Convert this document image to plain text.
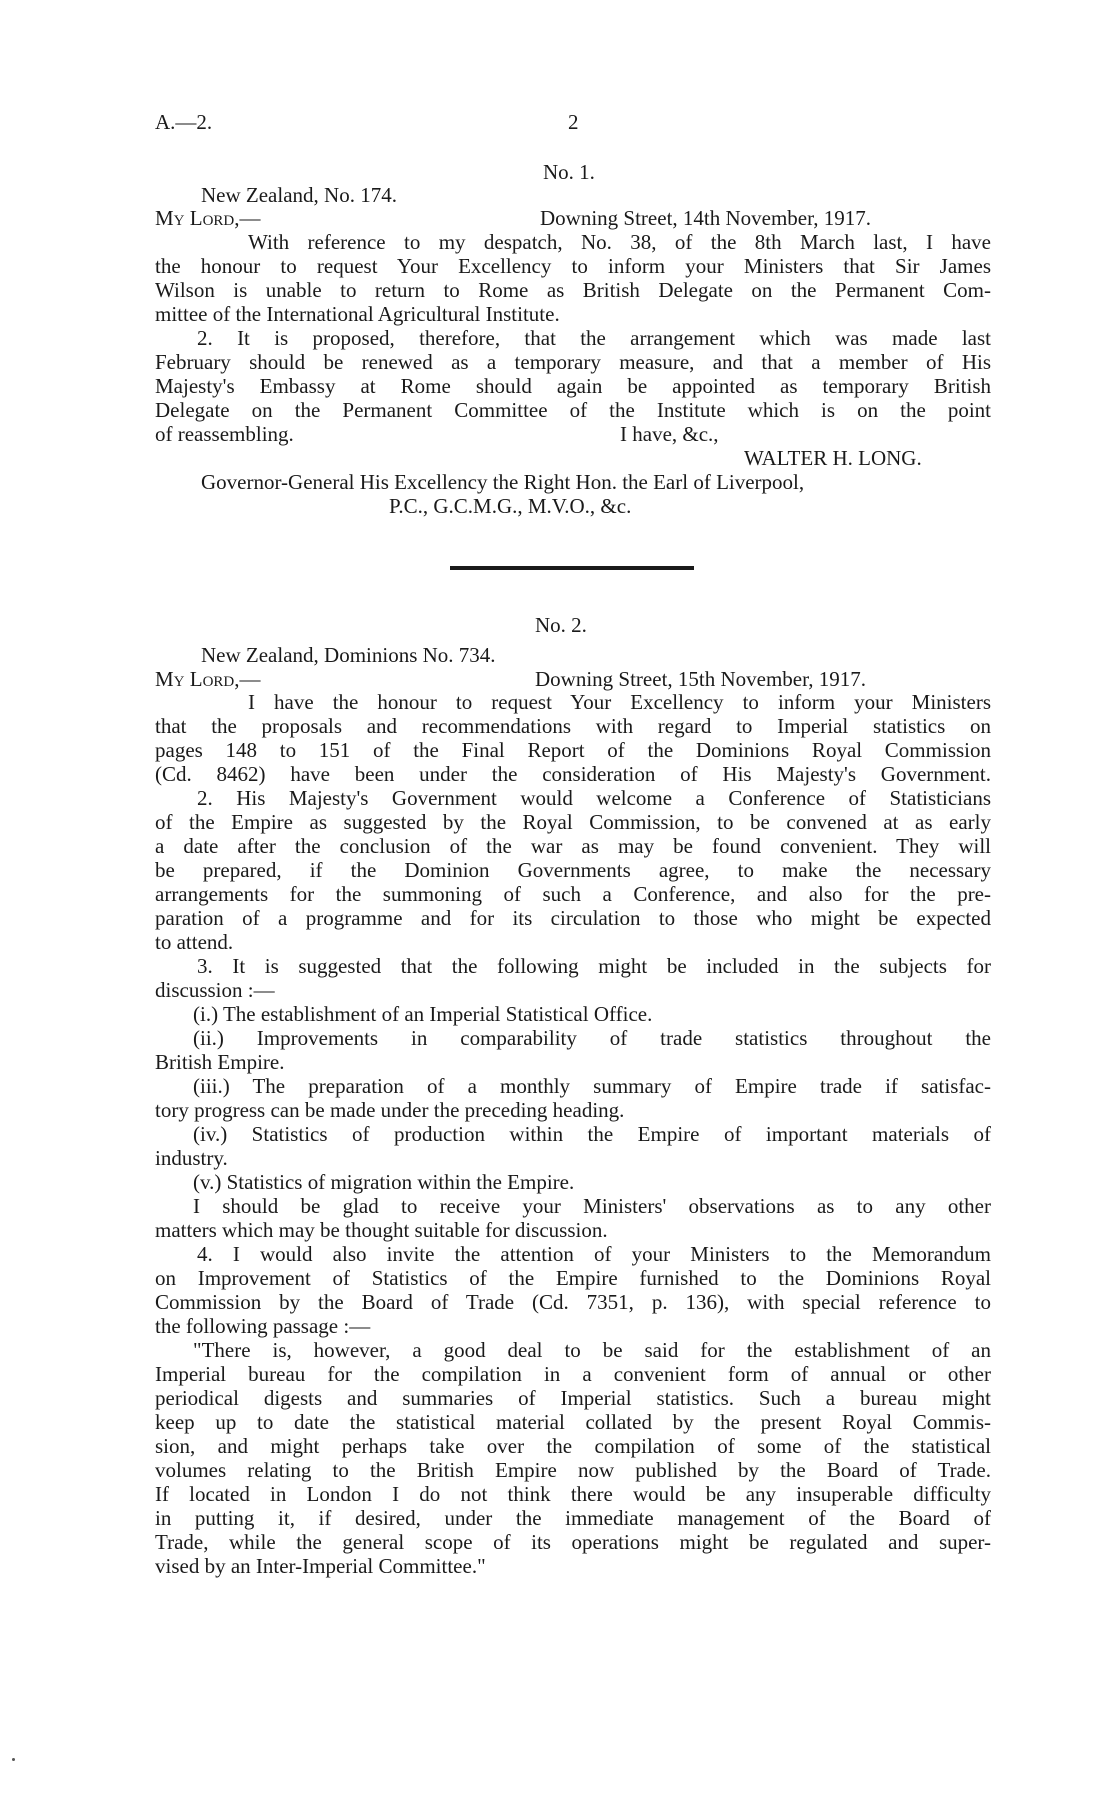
A.—2.	2
No. 1.
New Zealand, No. 174.
My Lord,—	Downing Street, 14th November, 1917.
With reference to my despatch, No. 38, of the 8th March last, I have
the honour to request Your Excellency to inform your Ministers that Sir James
Wilson is unable to return to Rome as British Delegate on the Permanent Com-
mittee of the International Agricultural Institute.
2. It is proposed, therefore, that the arrangement which was made last
February should be renewed as a temporary measure, and that a member of His
Majesty's Embassy at Rome should again be appointed as temporary British
Delegate on the Permanent Committee of the Institute which is on the point
of reassembling.	I have, &c.,
WALTER H. LONG.
Governor-General His Excellency the Right Hon. the Earl of Liverpool,
P.C., G.C.M.G., M.V.O., &c.
No. 2.
New Zealand, Dominions No. 734.
My Lord,—	Downing Street, 15th November, 1917.
I have the honour to request Your Excellency to inform your Ministers
that the proposals and recommendations with regard to Imperial statistics on
pages 148 to 151 of the Final Report of the Dominions Royal Commission
(Cd. 8462) have been under the consideration of His Majesty's Government.
2. His Majesty's Government would welcome a Conference of Statisticians
of the Empire as suggested by the Royal Commission, to be convened at as early
a date after the conclusion of the war as may be found convenient. They will
be prepared, if the Dominion Governments agree, to make the necessary
arrangements for the summoning of such a Conference, and also for the pre-
paration of a programme and for its circulation to those who might be expected
to attend.
3. It is suggested that the following might be included in the subjects for
discussion :—
(i.) The establishment of an Imperial Statistical Office.
(ii.) Improvements in comparability of trade statistics throughout the
British Empire.
(iii.) The preparation of a monthly summary of Empire trade if satisfac-
tory progress can be made under the preceding heading.
(iv.) Statistics of production within the Empire of important materials of
industry.
(v.) Statistics of migration within the Empire.
I should be glad to receive your Ministers' observations as to any other
matters which may be thought suitable for discussion.
4. I would also invite the attention of your Ministers to the Memorandum
on Improvement of Statistics of the Empire furnished to the Dominions Royal
Commission by the Board of Trade (Cd. 7351, p. 136), with special reference to
the following passage :—
"There is, however, a good deal to be said for the establishment of an
Imperial bureau for the compilation in a convenient form of annual or other
periodical digests and summaries of Imperial statistics. Such a bureau might
keep up to date the statistical material collated by the present Royal Commis-
sion, and might perhaps take over the compilation of some of the statistical
volumes relating to the British Empire now published by the Board of Trade.
If located in London I do not think there would be any insuperable difficulty
in putting it, if desired, under the immediate management of the Board of
Trade, while the general scope of its operations might be regulated and super-
vised by an Inter-Imperial Committee."
